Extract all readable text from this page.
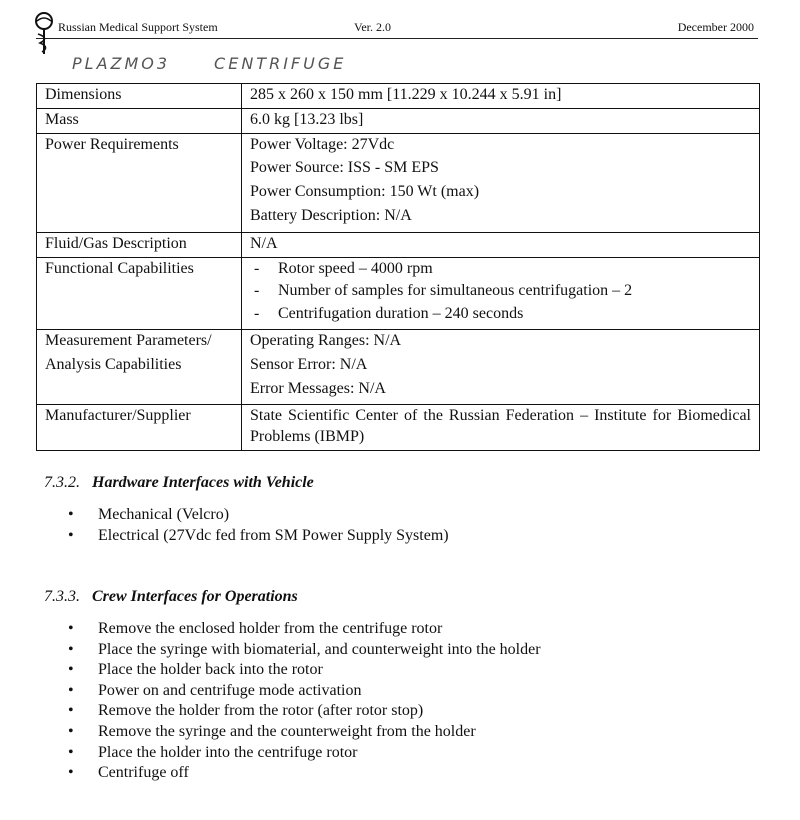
Russian Medical Support System	Ver. 2.0	December 2000
PLAZMO3	CENTRIFUGE
Dimensions	285 x 260 x 150 mm [11.229 x 10.244 x 5.91 in]
Mass	6.0 kg [13.23 lbs]
Power Requirements	Power Voltage: 27Vdc
Power Source: ISS - SM EPS
Power Consumption: 150 Wt (max)
Battery Description: N/A

Fluid/Gas Description	N/A
Functional Capabilities	- Rotor speed – 4000 rpm
- Number of samples for simultaneous centrifugation – 2
- Centrifugation duration – 240 seconds

Measurement Parameters/
Analysis Capabilities	Operating Ranges: N/A
Sensor Error: N/A
Error Messages: N/A

Manufacturer/Supplier	State Scientific Center of the Russian Federation – Institute for Biomedical Problems (IBMP)
7.3.2. Hardware Interfaces with Vehicle
• Mechanical (Velcro)
• Electrical (27Vdc fed from SM Power Supply System)
7.3.3. Crew Interfaces for Operations
• Remove the enclosed holder from the centrifuge rotor
• Place the syringe with biomaterial, and counterweight into the holder
• Place the holder back into the rotor
• Power on and centrifuge mode activation
• Remove the holder from the rotor (after rotor stop)
• Remove the syringe and the counterweight from the holder
• Place the holder into the centrifuge rotor
• Centrifuge off
